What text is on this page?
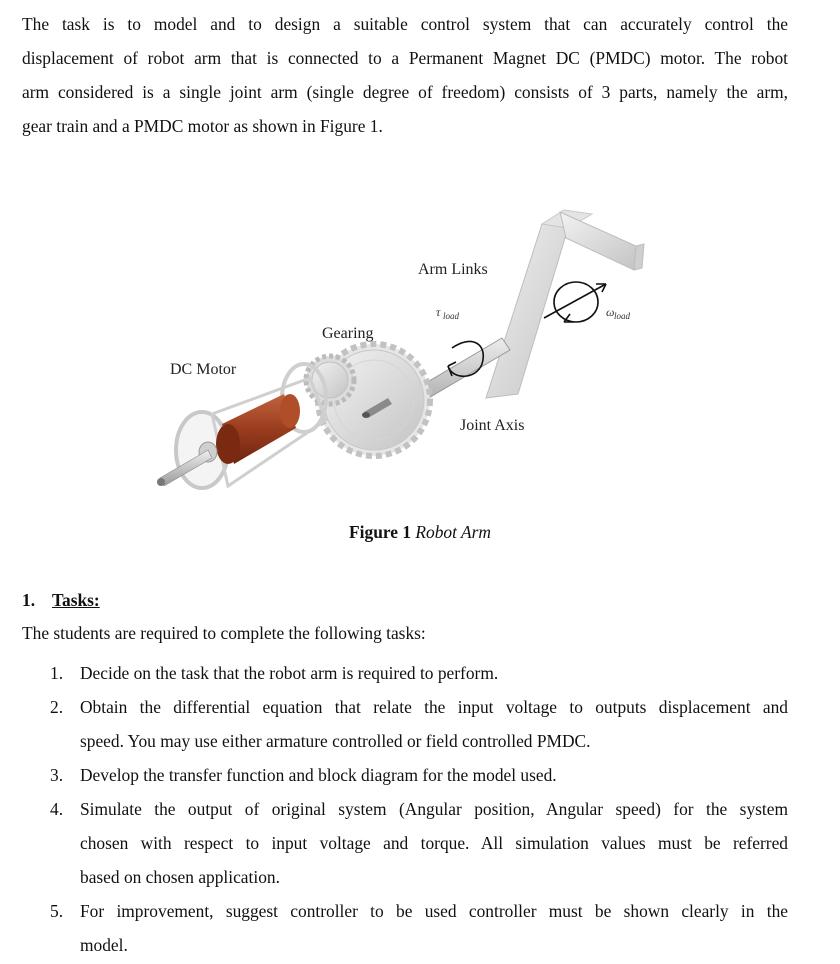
The task is to model and to design a suitable control system that can accurately control the
displacement of robot arm that is connected to a Permanent Magnet DC (PMDC) motor. The robot
arm considered is a single joint arm (single degree of freedom) consists of 3 parts, namely the arm,
gear train and a PMDC motor as shown in Figure 1.
Arm Links
Gearing
DC Motor
Joint Axis
τ load	ω load
Figure 1 Robot Arm
1. Tasks:
The students are required to complete the following tasks:
1. Decide on the task that the robot arm is required to perform.
2. Obtain the differential equation that relate the input voltage to outputs displacement and
speed. You may use either armature controlled or field controlled PMDC.
3. Develop the transfer function and block diagram for the model used.
4. Simulate the output of original system (Angular position, Angular speed) for the system
chosen with respect to input voltage and torque. All simulation values must be referred
based on chosen application.
5. For improvement, suggest controller to be used controller must be shown clearly in the
model.
